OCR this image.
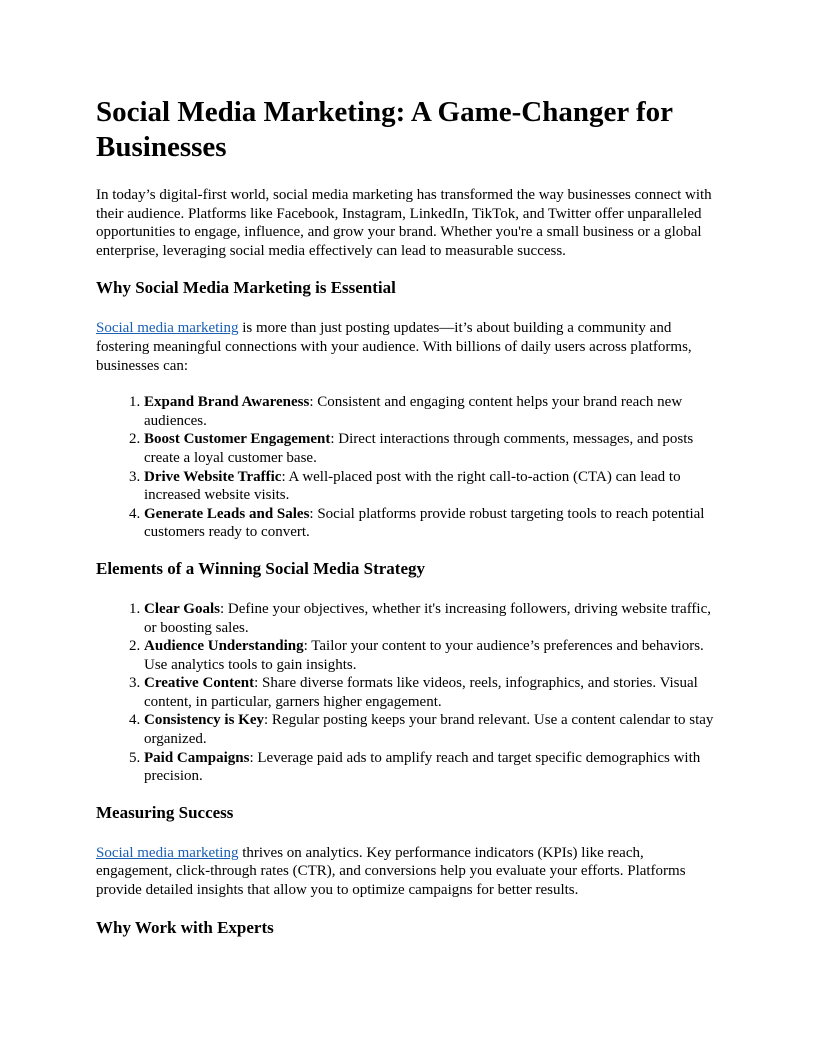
Social Media Marketing: A Game-Changer for Businesses

In today’s digital-first world, social media marketing has transformed the way businesses connect with their audience. Platforms like Facebook, Instagram, LinkedIn, TikTok, and Twitter offer unparalleled opportunities to engage, influence, and grow your brand. Whether you're a small business or a global enterprise, leveraging social media effectively can lead to measurable success.

Why Social Media Marketing is Essential

Social media marketing is more than just posting updates—it’s about building a community and fostering meaningful connections with your audience. With billions of daily users across platforms, businesses can:

1. Expand Brand Awareness: Consistent and engaging content helps your brand reach new audiences.
2. Boost Customer Engagement: Direct interactions through comments, messages, and posts create a loyal customer base.
3. Drive Website Traffic: A well-placed post with the right call-to-action (CTA) can lead to increased website visits.
4. Generate Leads and Sales: Social platforms provide robust targeting tools to reach potential customers ready to convert.
Elements of a Winning Social Media Strategy
1. Clear Goals: Define your objectives, whether it's increasing followers, driving website traffic, or boosting sales.
2. Audience Understanding: Tailor your content to your audience’s preferences and behaviors. Use analytics tools to gain insights.
3. Creative Content: Share diverse formats like videos, reels, infographics, and stories. Visual content, in particular, garners higher engagement.
4. Consistency is Key: Regular posting keeps your brand relevant. Use a content calendar to stay organized.
5. Paid Campaigns: Leverage paid ads to amplify reach and target specific demographics with precision.
Measuring Success

Social media marketing thrives on analytics. Key performance indicators (KPIs) like reach, engagement, click-through rates (CTR), and conversions help you evaluate your efforts. Platforms provide detailed insights that allow you to optimize campaigns for better results.

Why Work with Experts
